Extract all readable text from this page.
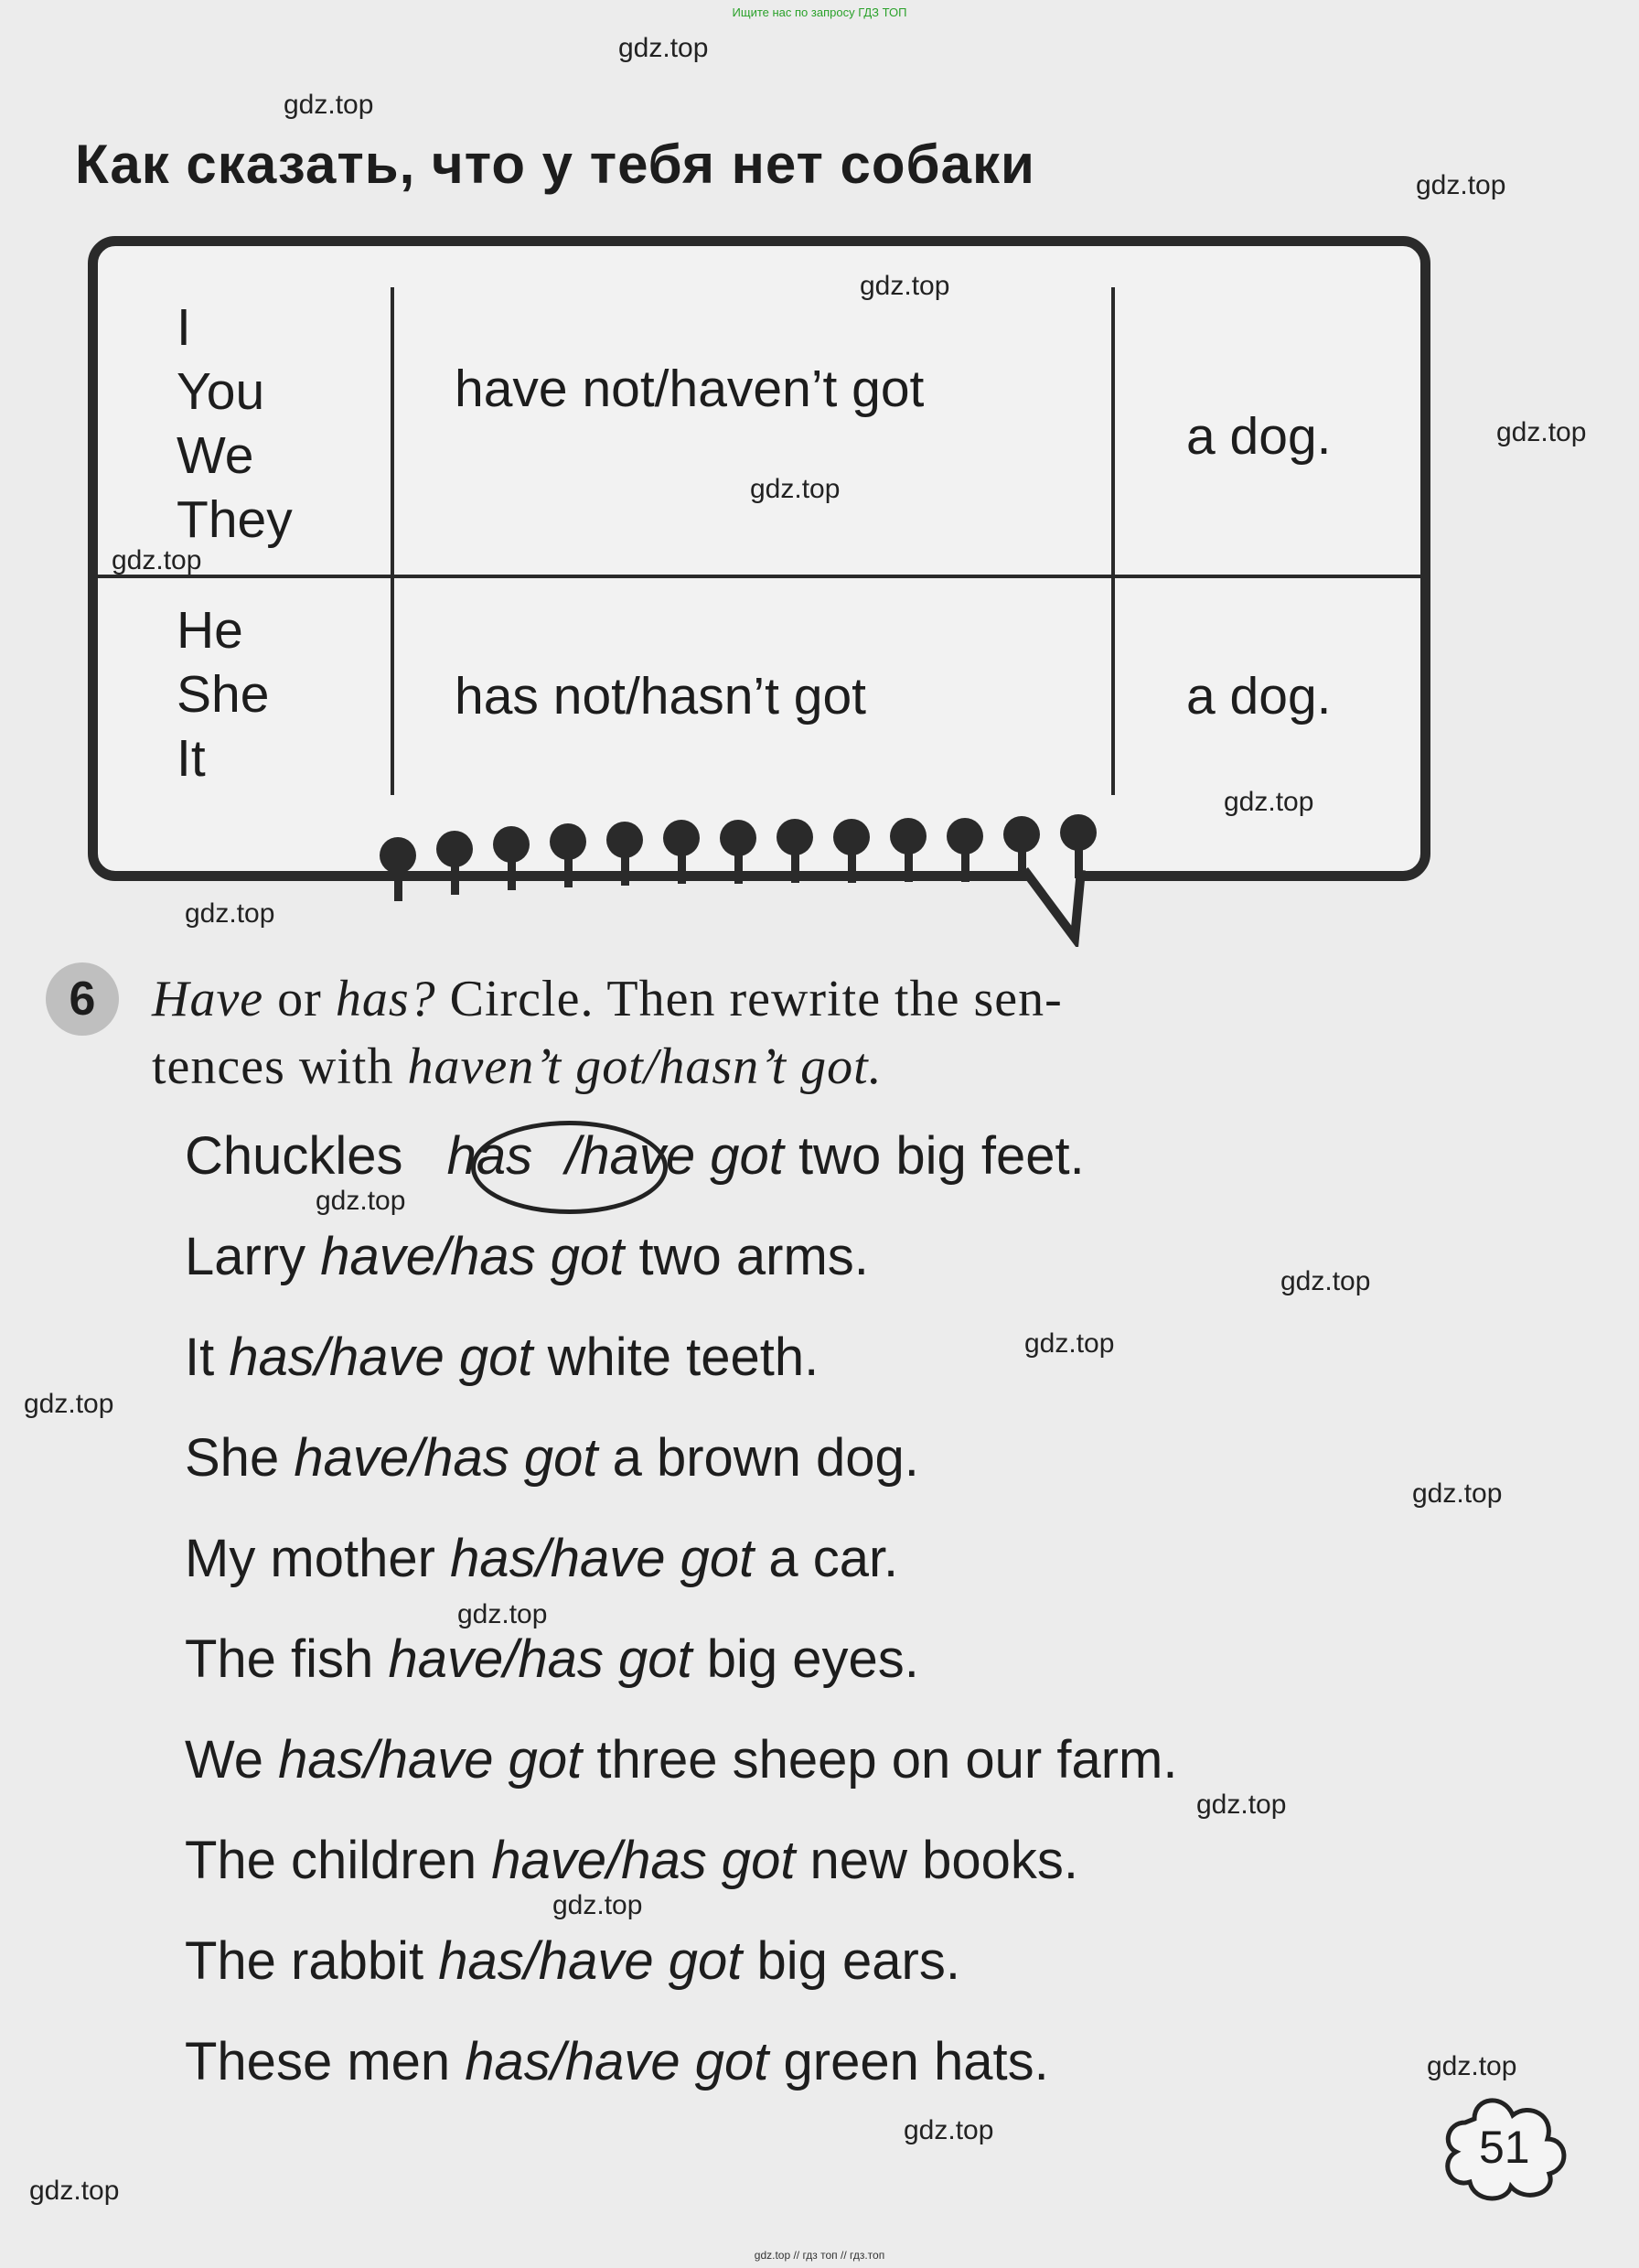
Ищите нас по запросу ГДЗ ТОП
Как сказать, что у тебя нет собаки
I
You
We
They
have not/haven’t got
a dog.
He
She
It
has not/hasn’t got	a dog.
6	Have or has? Circle. Then rewrite the sen-
tences with haven’t got/hasn’t got.
Chuckles has /have got two big feet.
Larry have/has got two arms.
It has/have got white teeth.
She have/has got a brown dog.
My mother has/have got a car.
The fish have/has got big eyes.
We has/have got three sheep on our farm.
The children have/has got new books.
The rabbit has/have got big ears.
These men has/have got green hats.
51
gdz.top
gdz.top
gdz.top
gdz.top
gdz.top
gdz.top
gdz.top
gdz.top
gdz.top
gdz.top
gdz.top
gdz.top
gdz.top
gdz.top
gdz.top
gdz.top
gdz.top
gdz.top
gdz.top
gdz.top
gdz.top // гдз топ // гдз.топ
